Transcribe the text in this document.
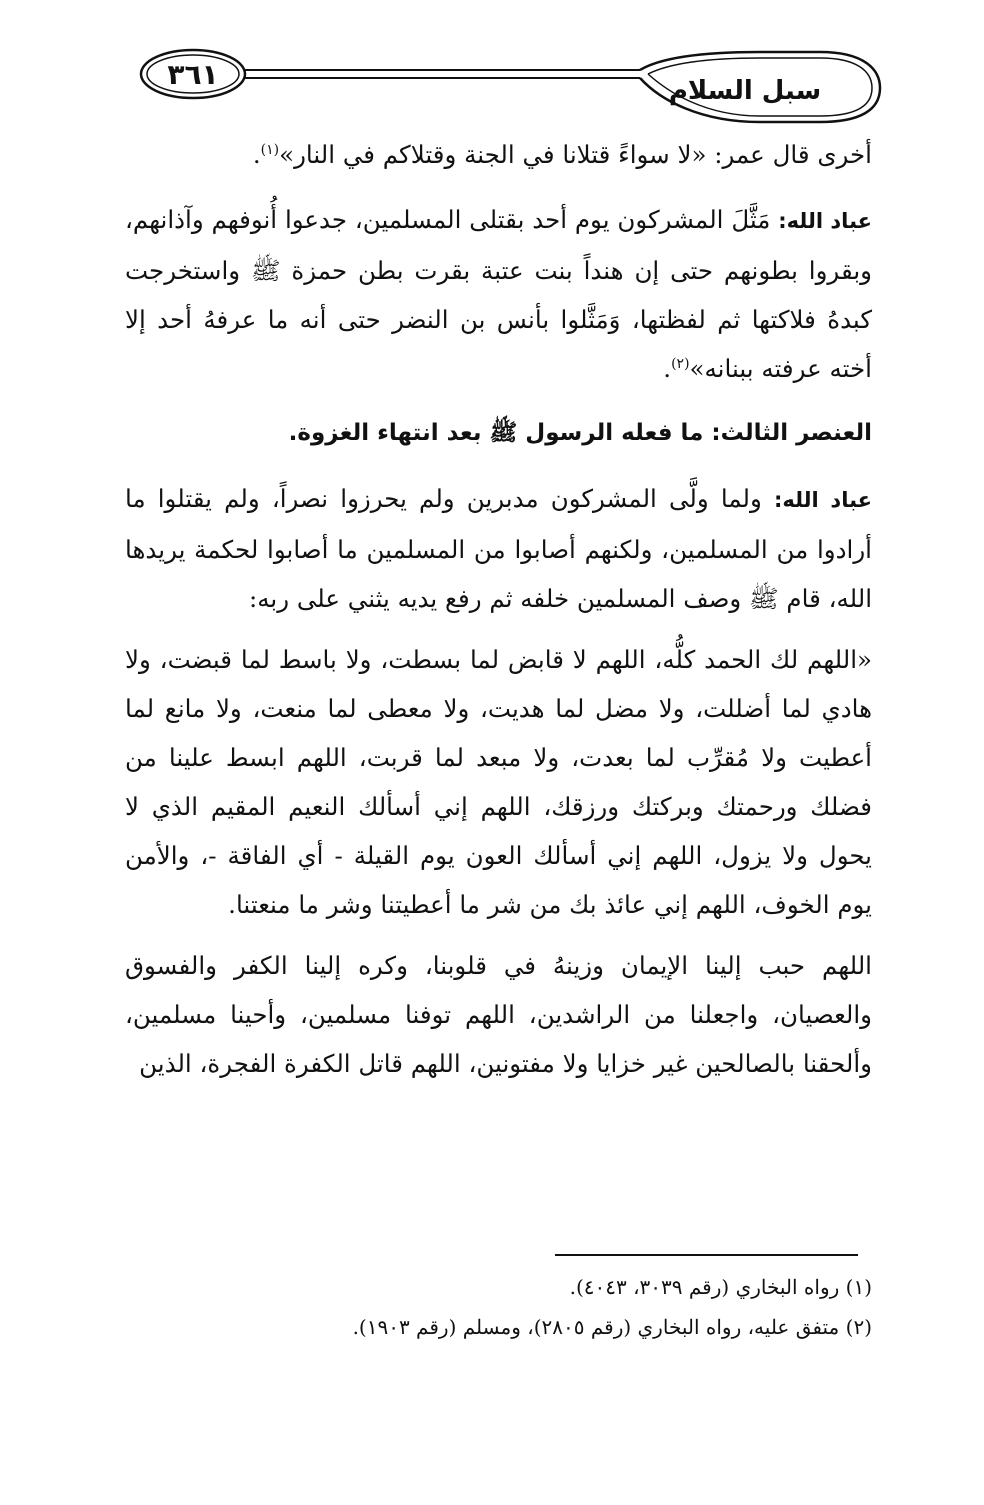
٣٦١
سبل السلام

أخرى قال عمر: «لا سواءً قتلانا في الجنة وقتلاكم في النار»$^{(١)}$.

عباد الله: مَثَّلَ المشركون يوم أحد بقتلى المسلمين، جدعوا أُنوفهم وآذانهم، وبقروا بطونهم حتى إن هنداً بنت عتبة بقرت بطن حمزة ﷺ واستخرجت كبدهُ فلاكتها ثم لفظتها، وَمَثَّلوا بأنس بن النضر حتى أنه ما عرفهُ أحد إلا أخته عرفته ببنانه»$^{(٢)}$.

العنصر الثالث: ما فعله الرسول ﷺ بعد انتهاء الغزوة.

عباد الله: ولما ولَّى المشركون مدبرين ولم يحرزوا نصراً، ولم يقتلوا ما أرادوا من المسلمين، ولكنهم أصابوا من المسلمين ما أصابوا لحكمة يريدها الله، قام ﷺ وصف المسلمين خلفه ثم رفع يديه يثني على ربه:

«اللهم لك الحمد كلُّه، اللهم لا قابض لما بسطت، ولا باسط لما قبضت، ولا هادي لما أضللت، ولا مضل لما هديت، ولا معطى لما منعت، ولا مانع لما أعطيت ولا مُقرِّب لما بعدت، ولا مبعد لما قربت، اللهم ابسط علينا من فضلك ورحمتك وبركتك ورزقك، اللهم إني أسألك النعيم المقيم الذي لا يحول ولا يزول، اللهم إني أسألك العون يوم القيلة - أي الفاقة -، والأمن يوم الخوف، اللهم إني عائذ بك من شر ما أعطيتنا وشر ما منعتنا.

اللهم حبب إلينا الإيمان وزينهُ في قلوبنا، وكره إلينا الكفر والفسوق والعصيان، واجعلنا من الراشدين، اللهم توفنا مسلمين، وأحينا مسلمين، وألحقنا بالصالحين غير خزايا ولا مفتونين، اللهم قاتل الكفرة الفجرة، الذين

(١) رواه البخاري (رقم ٣٠٣٩، ٤٠٤٣).

(٢) متفق عليه، رواه البخاري (رقم ٢٨٠٥)، ومسلم (رقم ١٩٠٣).
